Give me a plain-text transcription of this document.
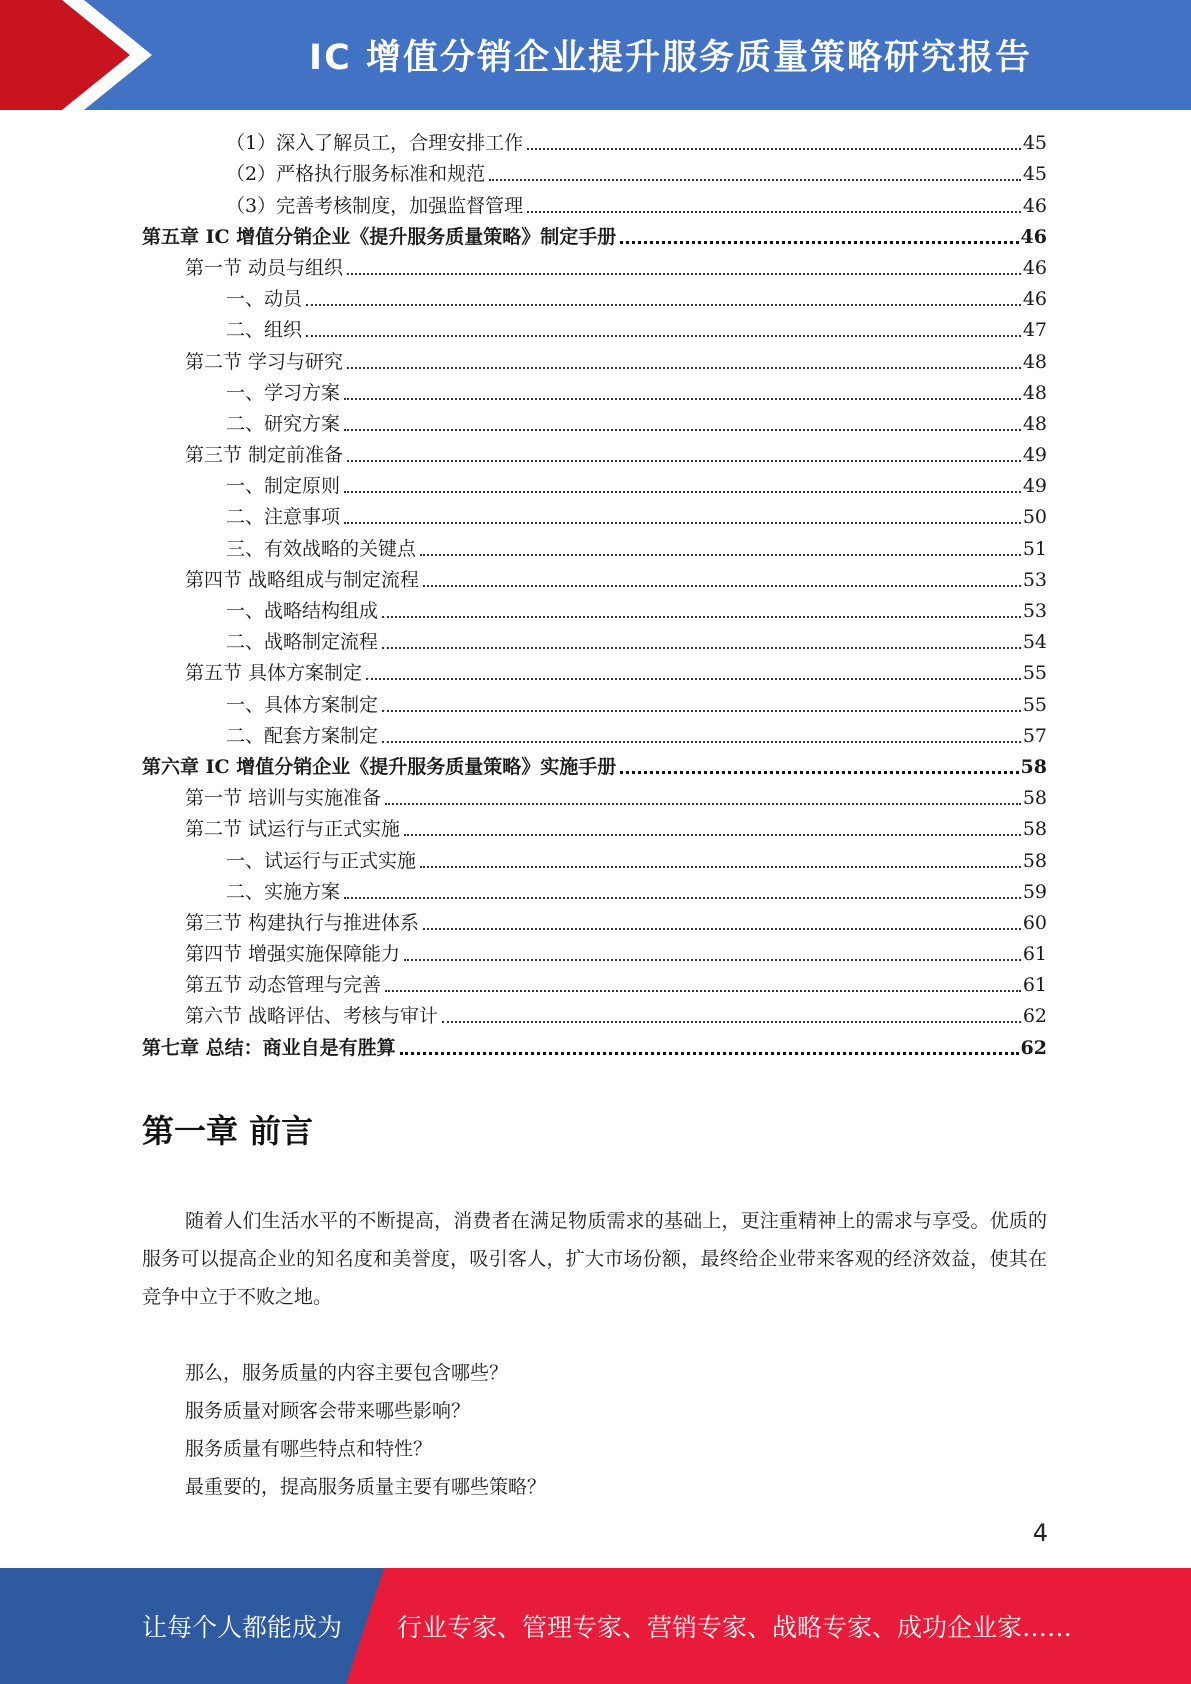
IC 增值分销企业提升服务质量策略研究报告
（1）深入了解员工，合理安排工作	45
（2）严格执行服务标准和规范	45
（3）完善考核制度，加强监督管理	46
第五章 IC 增值分销企业《提升服务质量策略》制定手册	46
第一节 动员与组织	46
一、动员	46
二、组织	47
第二节 学习与研究	48
一、学习方案	48
二、研究方案	48
第三节 制定前准备	49
一、制定原则	49
二、注意事项	50
三、有效战略的关键点	51
第四节 战略组成与制定流程	53
一、战略结构组成	53
二、战略制定流程	54
第五节 具体方案制定	55
一、具体方案制定	55
二、配套方案制定	57
第六章 IC 增值分销企业《提升服务质量策略》实施手册	58
第一节 培训与实施准备	58
第二节 试运行与正式实施	58
一、试运行与正式实施	58
二、实施方案	59
第三节 构建执行与推进体系	60
第四节 增强实施保障能力	61
第五节 动态管理与完善	61
第六节 战略评估、考核与审计	62
第七章 总结：商业自是有胜算	62
第一章 前言

随着人们生活水平的不断提高，消费者在满足物质需求的基础上，更注重精神上的需求与享受。优质的服务可以提高企业的知名度和美誉度，吸引客人，扩大市场份额，最终给企业带来客观的经济效益，使其在竞争中立于不败之地。

那么，服务质量的内容主要包含哪些？
服务质量对顾客会带来哪些影响？
服务质量有哪些特点和特性？
最重要的，提高服务质量主要有哪些策略？
4
让每个人都能成为 行业专家、管理专家、营销专家、战略专家、成功企业家……
